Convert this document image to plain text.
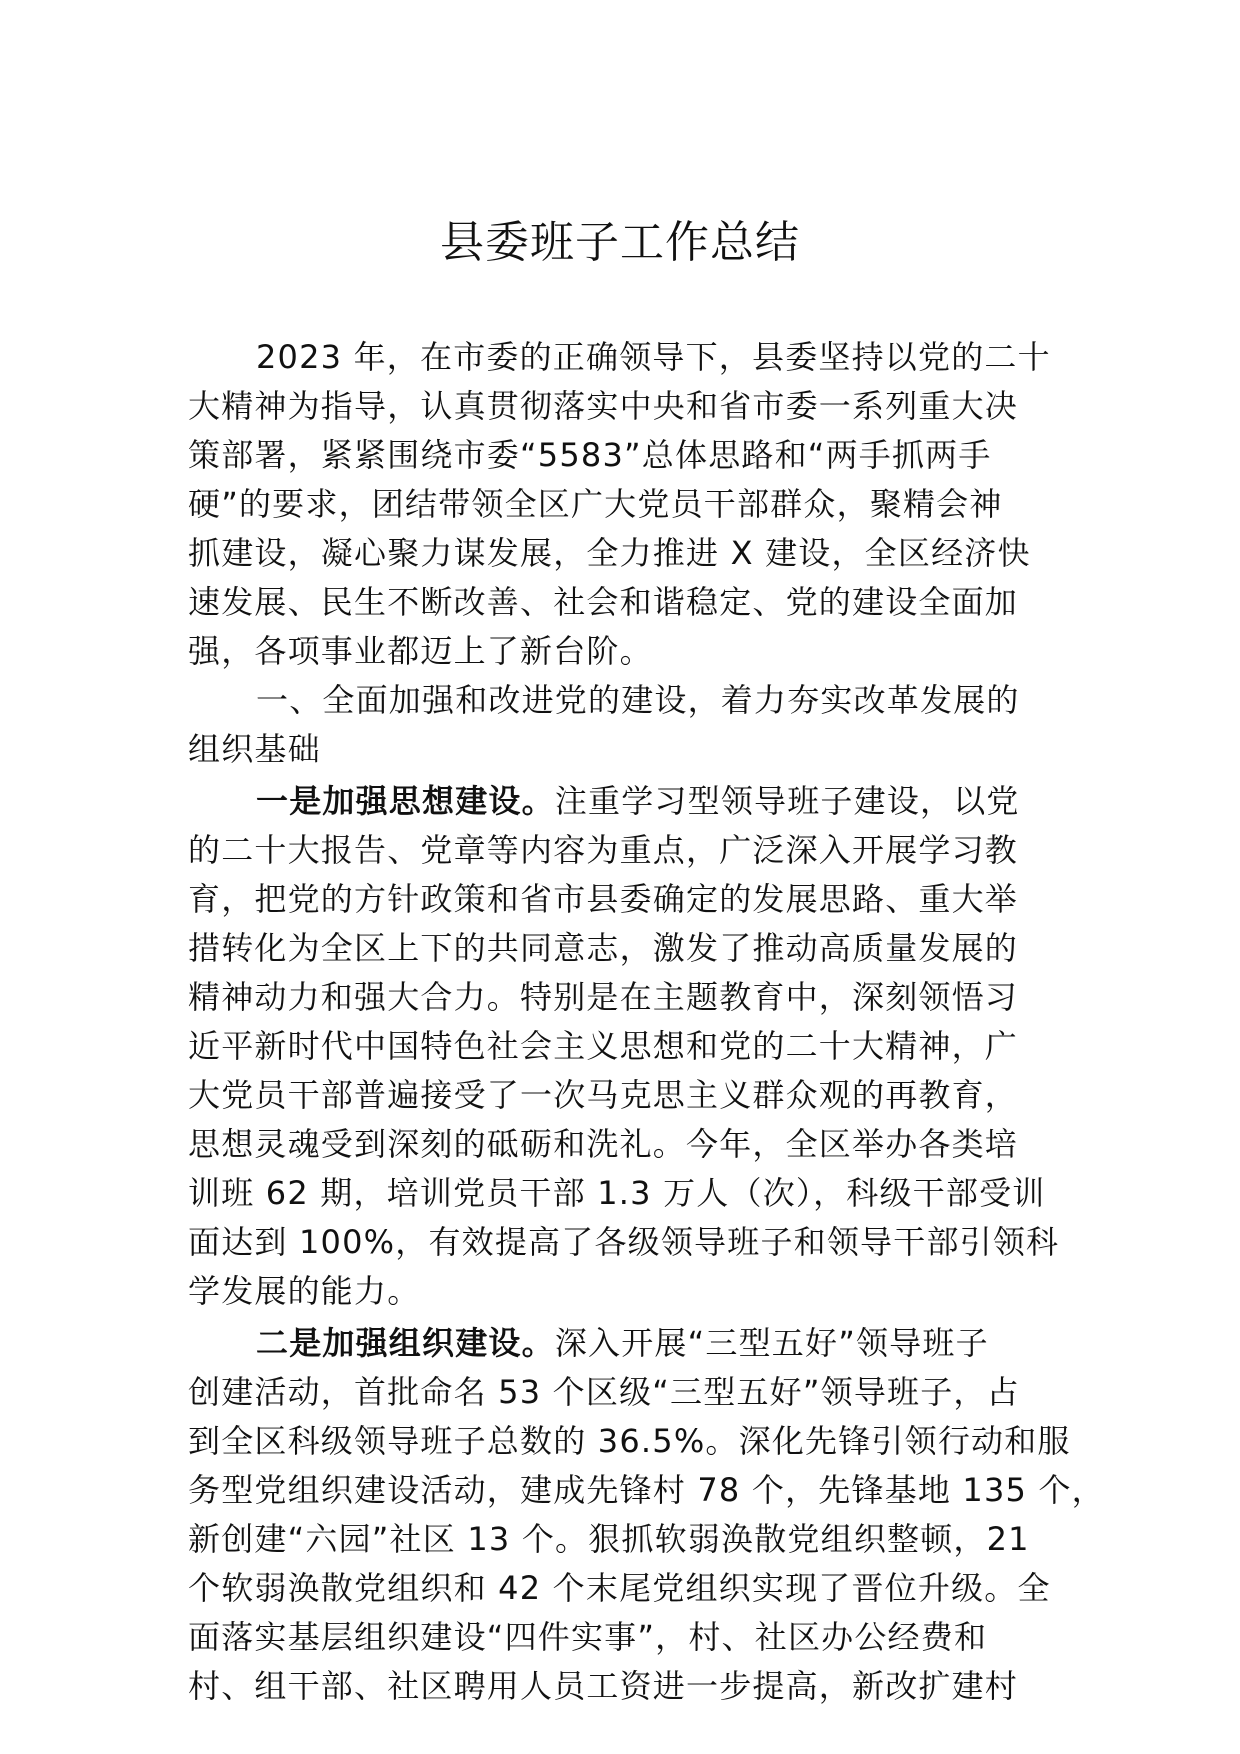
县委班子工作总结
2023 年，在市委的正确领导下，县委坚持以党的二十
大精神为指导，认真贯彻落实中央和省市委一系列重大决
策部署，紧紧围绕市委“5583”总体思路和“两手抓两手
硬”的要求，团结带领全区广大党员干部群众，聚精会神
抓建设，凝心聚力谋发展，全力推进 X 建设，全区经济快
速发展、民生不断改善、社会和谐稳定、党的建设全面加
强，各项事业都迈上了新台阶。
一、全面加强和改进党的建设，着力夯实改革发展的
组织基础
一是加强思想建设。注重学习型领导班子建设，以党
的二十大报告、党章等内容为重点，广泛深入开展学习教
育，把党的方针政策和省市县委确定的发展思路、重大举
措转化为全区上下的共同意志，激发了推动高质量发展的
精神动力和强大合力。特别是在主题教育中，深刻领悟习
近平新时代中国特色社会主义思想和党的二十大精神，广
大党员干部普遍接受了一次马克思主义群众观的再教育，
思想灵魂受到深刻的砥砺和洗礼。今年，全区举办各类培
训班 62 期，培训党员干部 1.3 万人（次），科级干部受训
面达到 100%，有效提高了各级领导班子和领导干部引领科
学发展的能力。
二是加强组织建设。深入开展“三型五好”领导班子
创建活动，首批命名 53 个区级“三型五好”领导班子，占
到全区科级领导班子总数的 36.5%。深化先锋引领行动和服
务型党组织建设活动，建成先锋村 78 个，先锋基地 135 个，
新创建“六园”社区 13 个。狠抓软弱涣散党组织整顿，21
个软弱涣散党组织和 42 个末尾党组织实现了晋位升级。全
面落实基层组织建设“四件实事”，村、社区办公经费和
村、组干部、社区聘用人员工资进一步提高，新改扩建村
